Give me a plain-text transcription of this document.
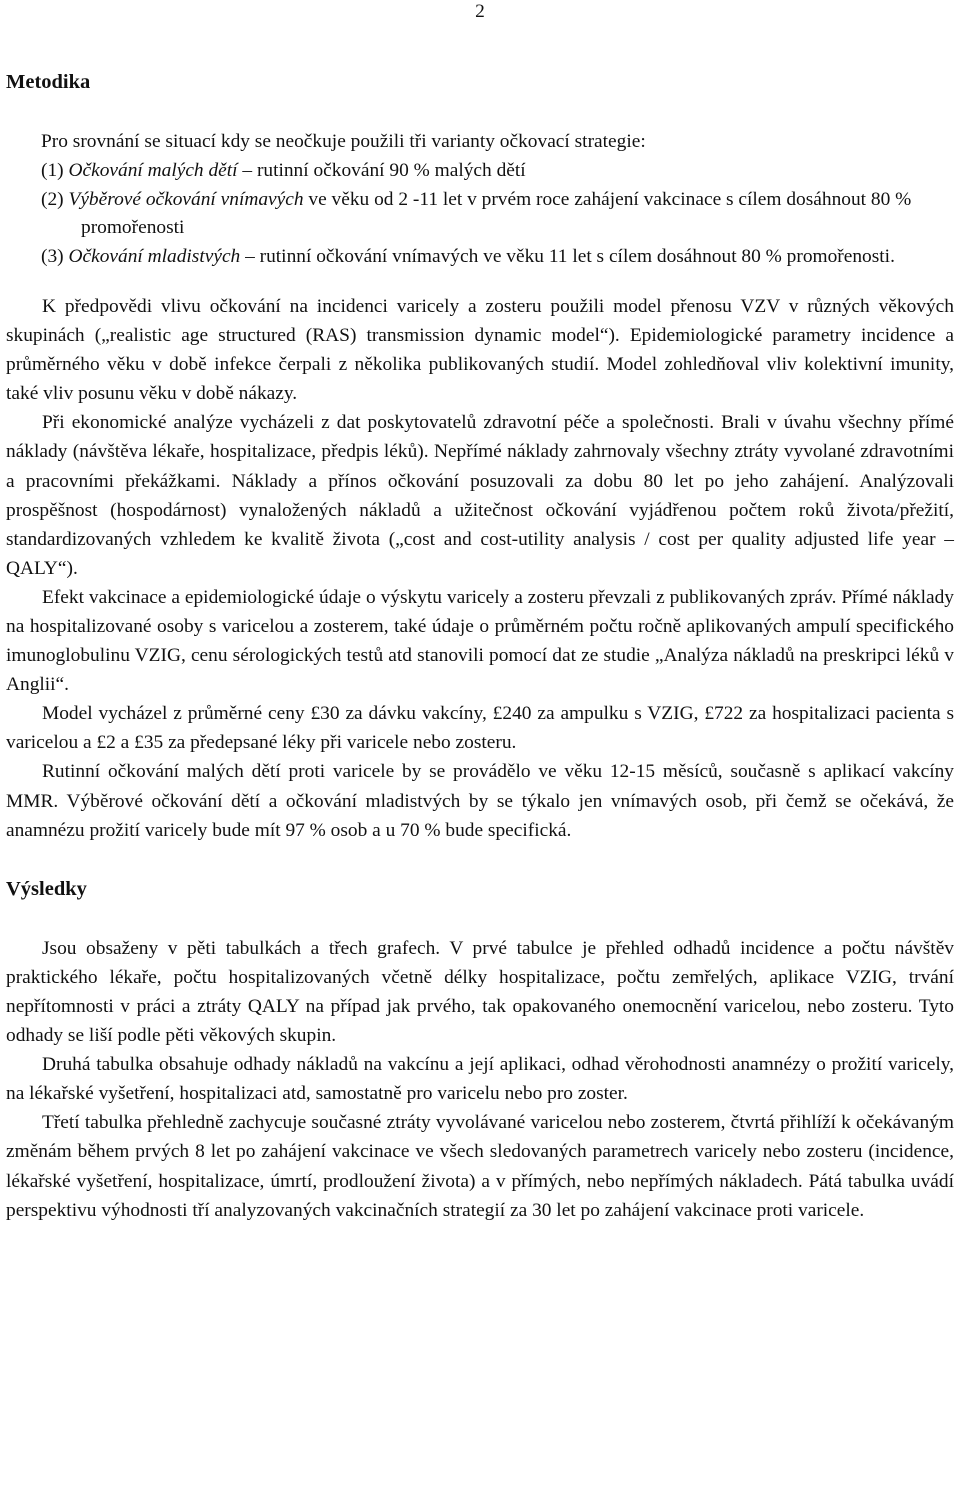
2
Metodika
Pro srovnání se situací kdy se neočkuje použili tři varianty očkovací strategie:
(1) Očkování malých dětí – rutinní očkování 90 % malých dětí
(2) Výběrové očkování vnímavých ve věku od 2 -11 let v prvém roce zahájení vakcinace s cílem dosáhnout 80 % promořenosti
(3) Očkování mladistvých – rutinní očkování vnímavých ve věku 11 let s cílem dosáhnout 80 % promořenosti.

K předpovědi vlivu očkování na incidenci varicely a zosteru použili model přenosu VZV v různých věkových skupinách („realistic age structured (RAS) transmission dynamic model“). Epidemiologické parametry incidence a průměrného věku v době infekce čerpali z několika publikovaných studií. Model zohledňoval vliv kolektivní imunity, také vliv posunu věku v době nákazy.

Při ekonomické analýze vycházeli z dat poskytovatelů zdravotní péče a společnosti. Brali v úvahu všechny přímé náklady (návštěva lékaře, hospitalizace, předpis léků). Nepřímé náklady zahrnovaly všechny ztráty vyvolané zdravotními a pracovními překážkami. Náklady a přínos očkování posuzovali za dobu 80 let po jeho zahájení. Analýzovali prospěšnost (hospodárnost) vynaložených nákladů a užitečnost očkování vyjádřenou počtem roků života/přežití, standardizovaných vzhledem ke kvalitě života („cost and cost-utility analysis / cost per quality adjusted life year – QALY“).

Efekt vakcinace a epidemiologické údaje o výskytu varicely a zosteru převzali z publikovaných zpráv. Přímé náklady na hospitalizované osoby s varicelou a zosterem, také údaje o průměrném počtu ročně aplikovaných ampulí specifického imunoglobulinu VZIG, cenu sérologických testů atd stanovili pomocí dat ze studie „Analýza nákladů na preskripci léků v Anglii“.

Model vycházel z průměrné ceny £30 za dávku vakcíny, £240 za ampulku s VZIG, £722 za hospitalizaci pacienta s varicelou a £2 a £35 za předepsané léky při varicele nebo zosteru.

Rutinní očkování malých dětí proti varicele by se provádělo ve věku 12-15 měsíců, současně s aplikací vakcíny MMR. Výběrové očkování dětí a očkování mladistvých by se týkalo jen vnímavých osob, při čemž se očekává, že anamnézu prožití varicely bude mít 97 % osob a u 70 % bude specifická.

Výsledky

Jsou obsaženy v pěti tabulkách a třech grafech. V prvé tabulce je přehled odhadů incidence a počtu návštěv praktického lékaře, počtu hospitalizovaných včetně délky hospitalizace, počtu zemřelých, aplikace VZIG, trvání nepřítomnosti v práci a ztráty QALY na případ jak prvého, tak opakovaného onemocnění varicelou, nebo zosteru. Tyto odhady se liší podle pěti věkových skupin.

Druhá tabulka obsahuje odhady nákladů na vakcínu a její aplikaci, odhad věrohodnosti anamnézy o prožití varicely, na lékařské vyšetření, hospitalizaci atd, samostatně pro varicelu nebo pro zoster.

Třetí tabulka přehledně zachycuje současné ztráty vyvolávané varicelou nebo zosterem, čtvrtá přihlíží k očekávaným změnám během prvých 8 let po zahájení vakcinace ve všech sledovaných parametrech varicely nebo zosteru (incidence, lékařské vyšetření, hospitalizace, úmrtí, prodloužení života) a v přímých, nebo nepřímých nákladech. Pátá tabulka uvádí perspektivu výhodnosti tří analyzovaných vakcinačních strategií za 30 let po zahájení vakcinace proti varicele.
